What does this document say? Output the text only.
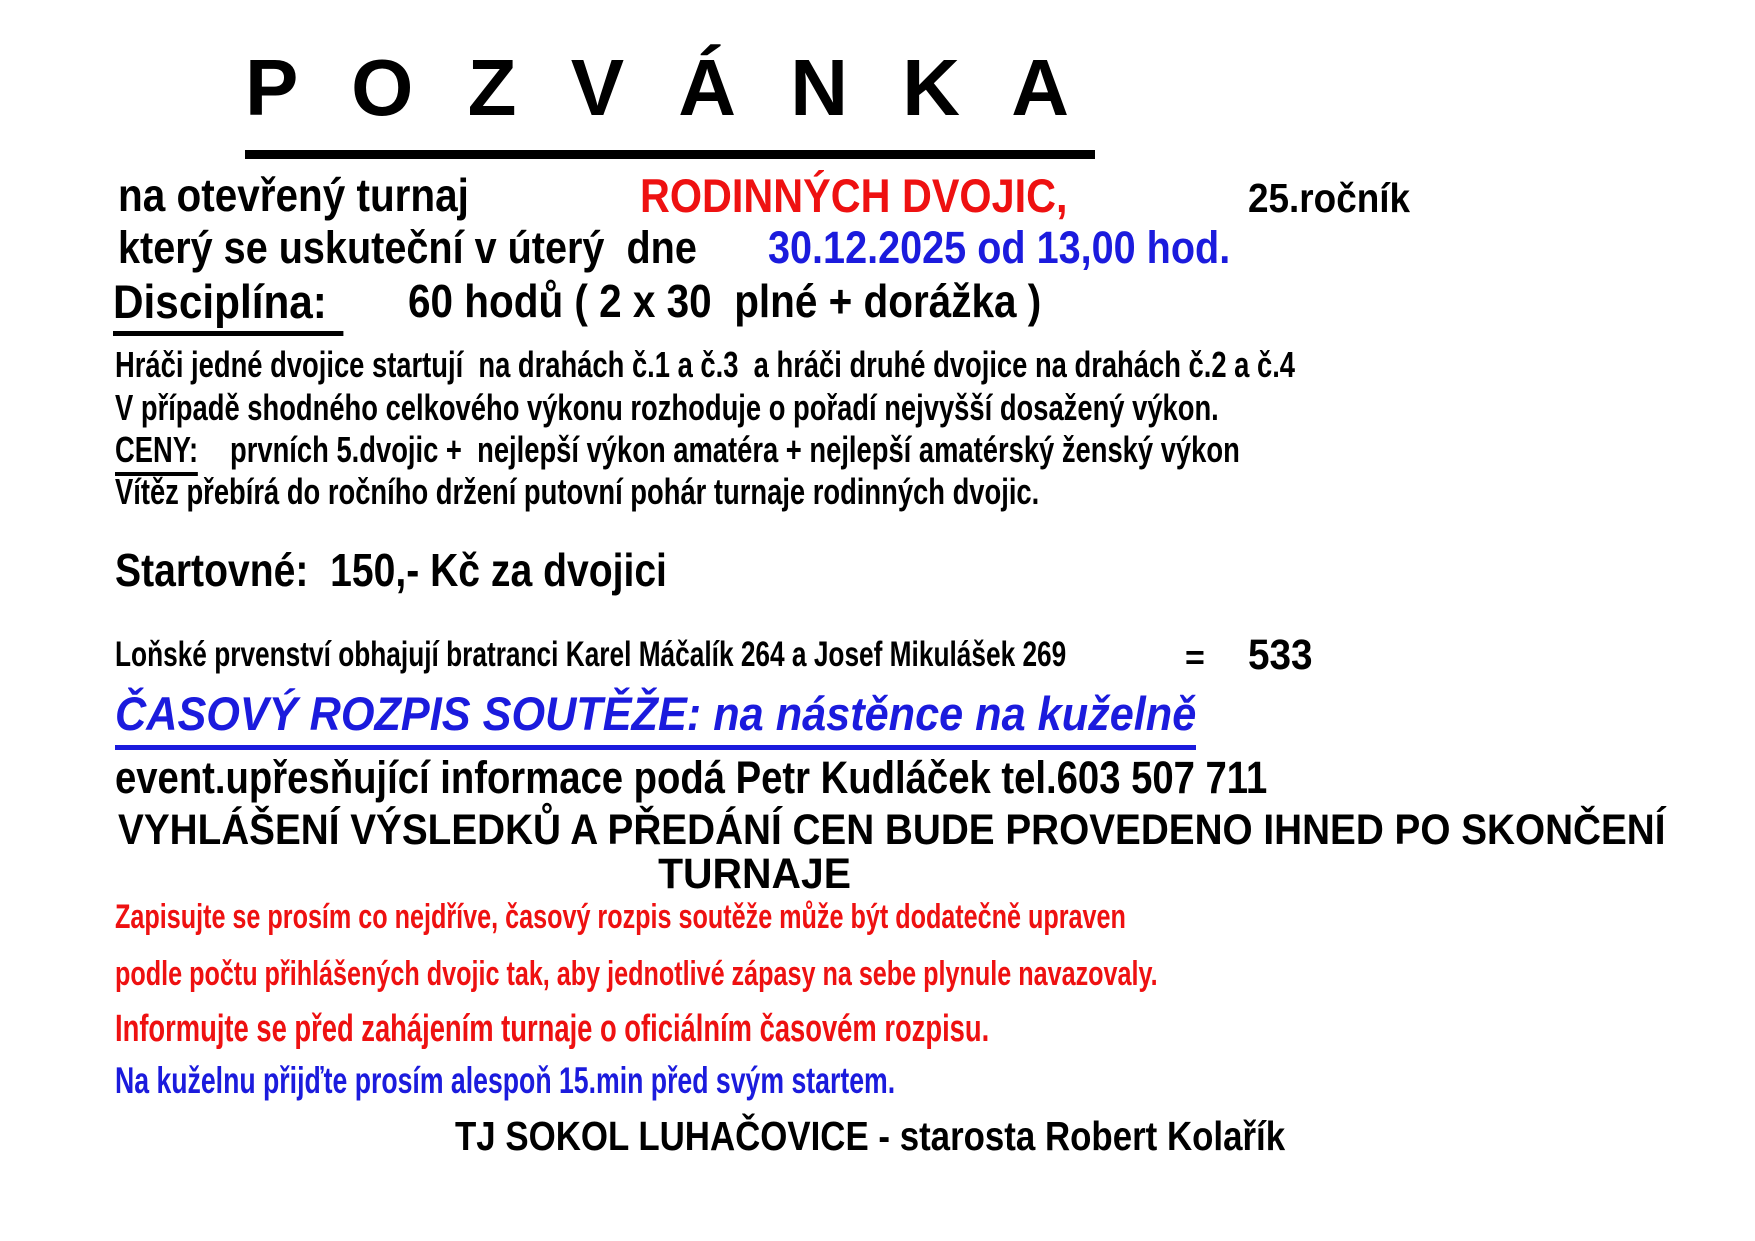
P O Z V Á N K A
na otevřený turnaj	RODINNÝCH DVOJIC,	25.ročník
který se uskuteční v úterý  dne	30.12.2025 od 13,00 hod.
Disciplína:	60 hodů ( 2 x 30  plné + dorážka )
Hráči jedné dvojice startují  na drahách č.1 a č.3  a hráči druhé dvojice na drahách č.2 a č.4
V případě shodného celkového výkonu rozhoduje o pořadí nejvyšší dosažený výkon.
CENY: prvních 5.dvojic +  nejlepší výkon amatéra + nejlepší amatérský ženský výkon
Vítěz přebírá do ročního držení putovní pohár turnaje rodinných dvojic.
Startovné:  150,- Kč za dvojici
Loňské prvenství obhajují bratranci Karel Máčalík 264 a Josef Mikulášek 269	= 533
ČASOVÝ ROZPIS SOUTĚŽE: na nástěnce na kuželně
event.upřesňující informace podá Petr Kudláček tel.603 507 711
VYHLÁŠENÍ VÝSLEDKŮ A PŘEDÁNÍ CEN BUDE PROVEDENO IHNED PO SKONČENÍ
TURNAJE
Zapisujte se prosím co nejdříve, časový rozpis soutěže může být dodatečně upraven
podle počtu přihlášených dvojic tak, aby jednotlivé zápasy na sebe plynule navazovaly.
Informujte se před zahájením turnaje o oficiálním časovém rozpisu.
Na kuželnu přijďte prosím alespoň 15.min před svým startem.
TJ SOKOL LUHAČOVICE - starosta Robert Kolařík
